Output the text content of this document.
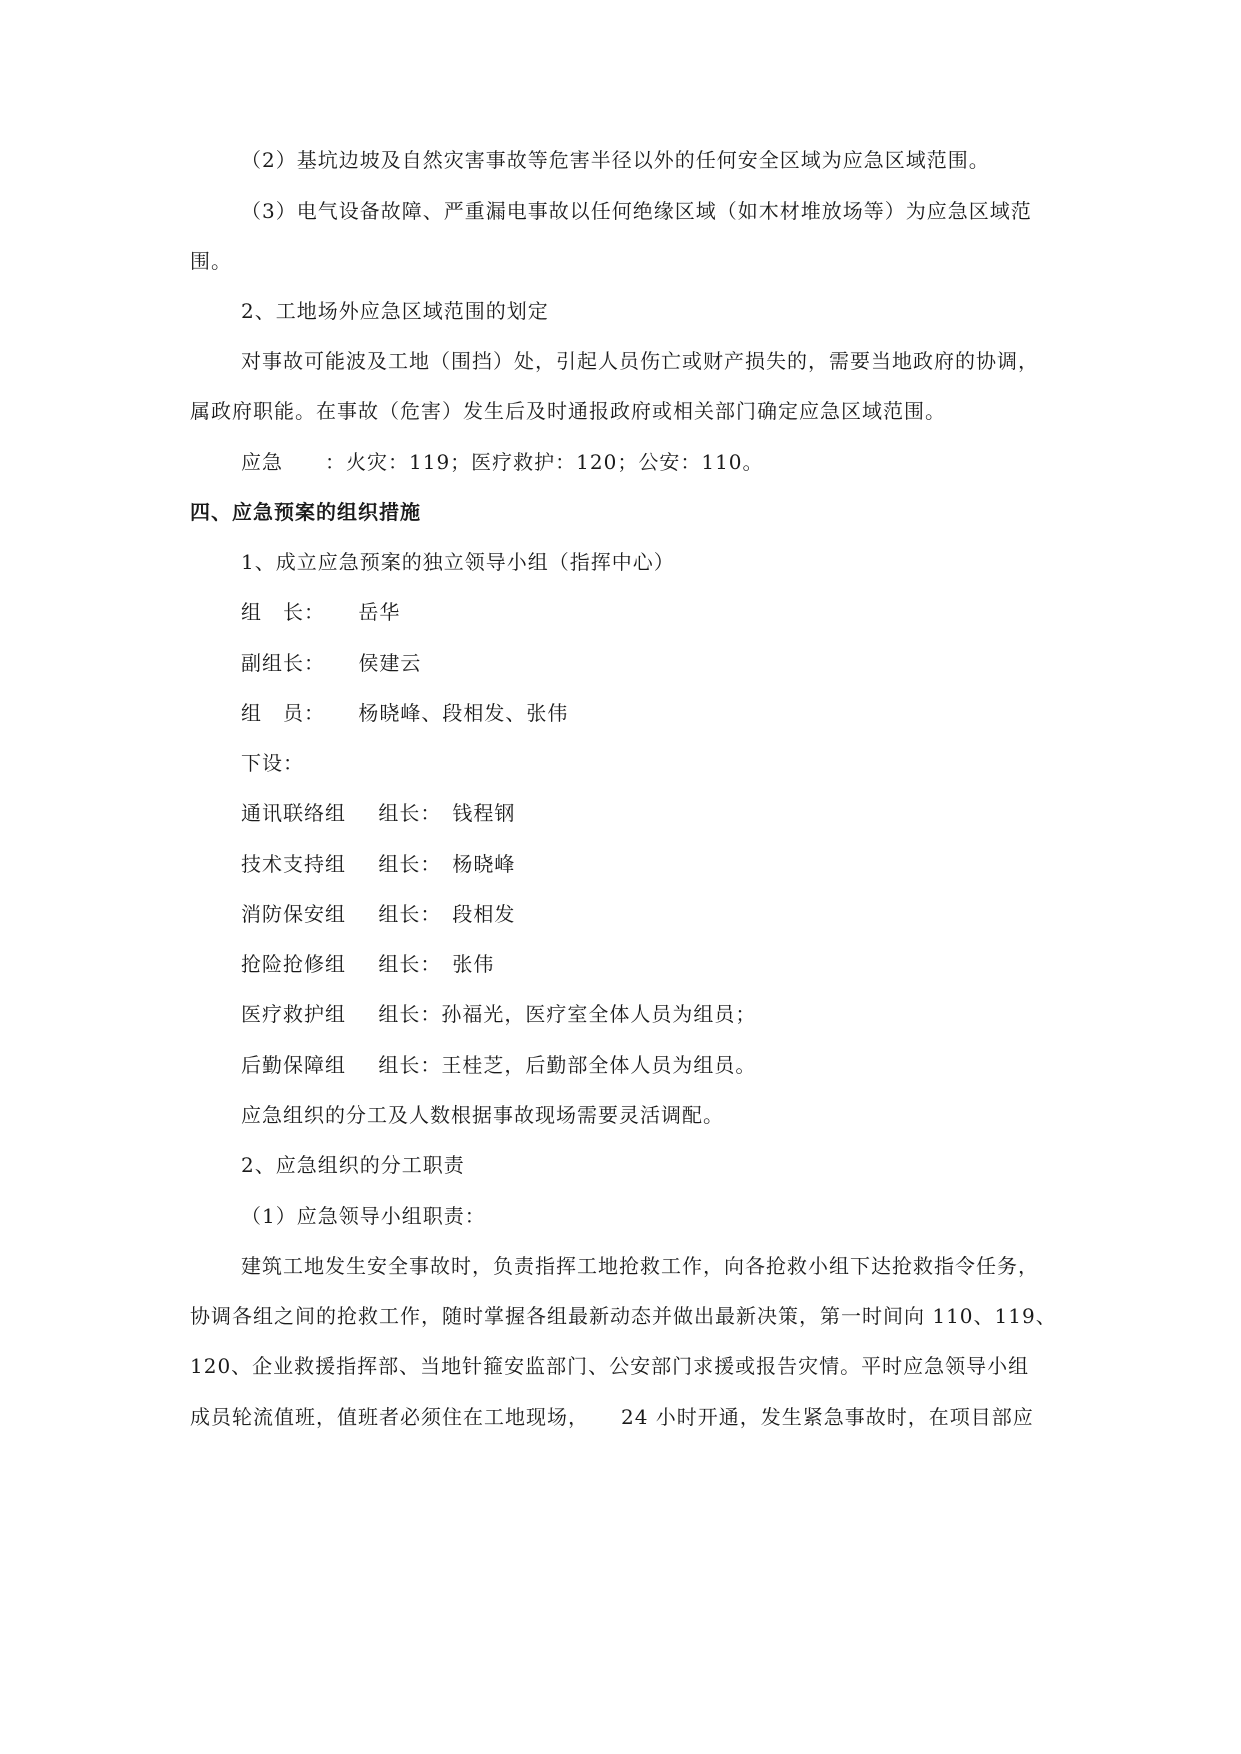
（2）基坑边坡及自然灾害事故等危害半径以外的任何安全区域为应急区域范围。
（3）电气设备故障、严重漏电事故以任何绝缘区域（如木材堆放场等）为应急区域范
围。
2、工地场外应急区域范围的划定
对事故可能波及工地（围挡）处，引起人员伤亡或财产损失的，需要当地政府的协调，
属政府职能。在事故（危害）发生后及时通报政府或相关部门确定应急区域范围。
应急　　：火灾：119；医疗救护：120；公安：110。
四、应急预案的组织措施
1、成立应急预案的独立领导小组（指挥中心）
组　长： 岳华
副组长： 侯建云
组　员： 杨晓峰、段相发、张伟
下设：
通讯联络组 组长：　钱程钢
技术支持组 组长：　杨晓峰
消防保安组 组长：　段相发
抢险抢修组 组长：　张伟
医疗救护组 组长：孙福光，医疗室全体人员为组员；
后勤保障组 组长：王桂芝，后勤部全体人员为组员。
应急组织的分工及人数根据事故现场需要灵活调配。
2、应急组织的分工职责
（1）应急领导小组职责：
建筑工地发生安全事故时，负责指挥工地抢救工作，向各抢救小组下达抢救指令任务，
协调各组之间的抢救工作，随时掌握各组最新动态并做出最新决策，第一时间向 110、119、
120、企业救援指挥部、当地针箍安监部门、公安部门求援或报告灾情。平时应急领导小组
成员轮流值班，值班者必须住在工地现场，　　24 小时开通，发生紧急事故时，在项目部应
